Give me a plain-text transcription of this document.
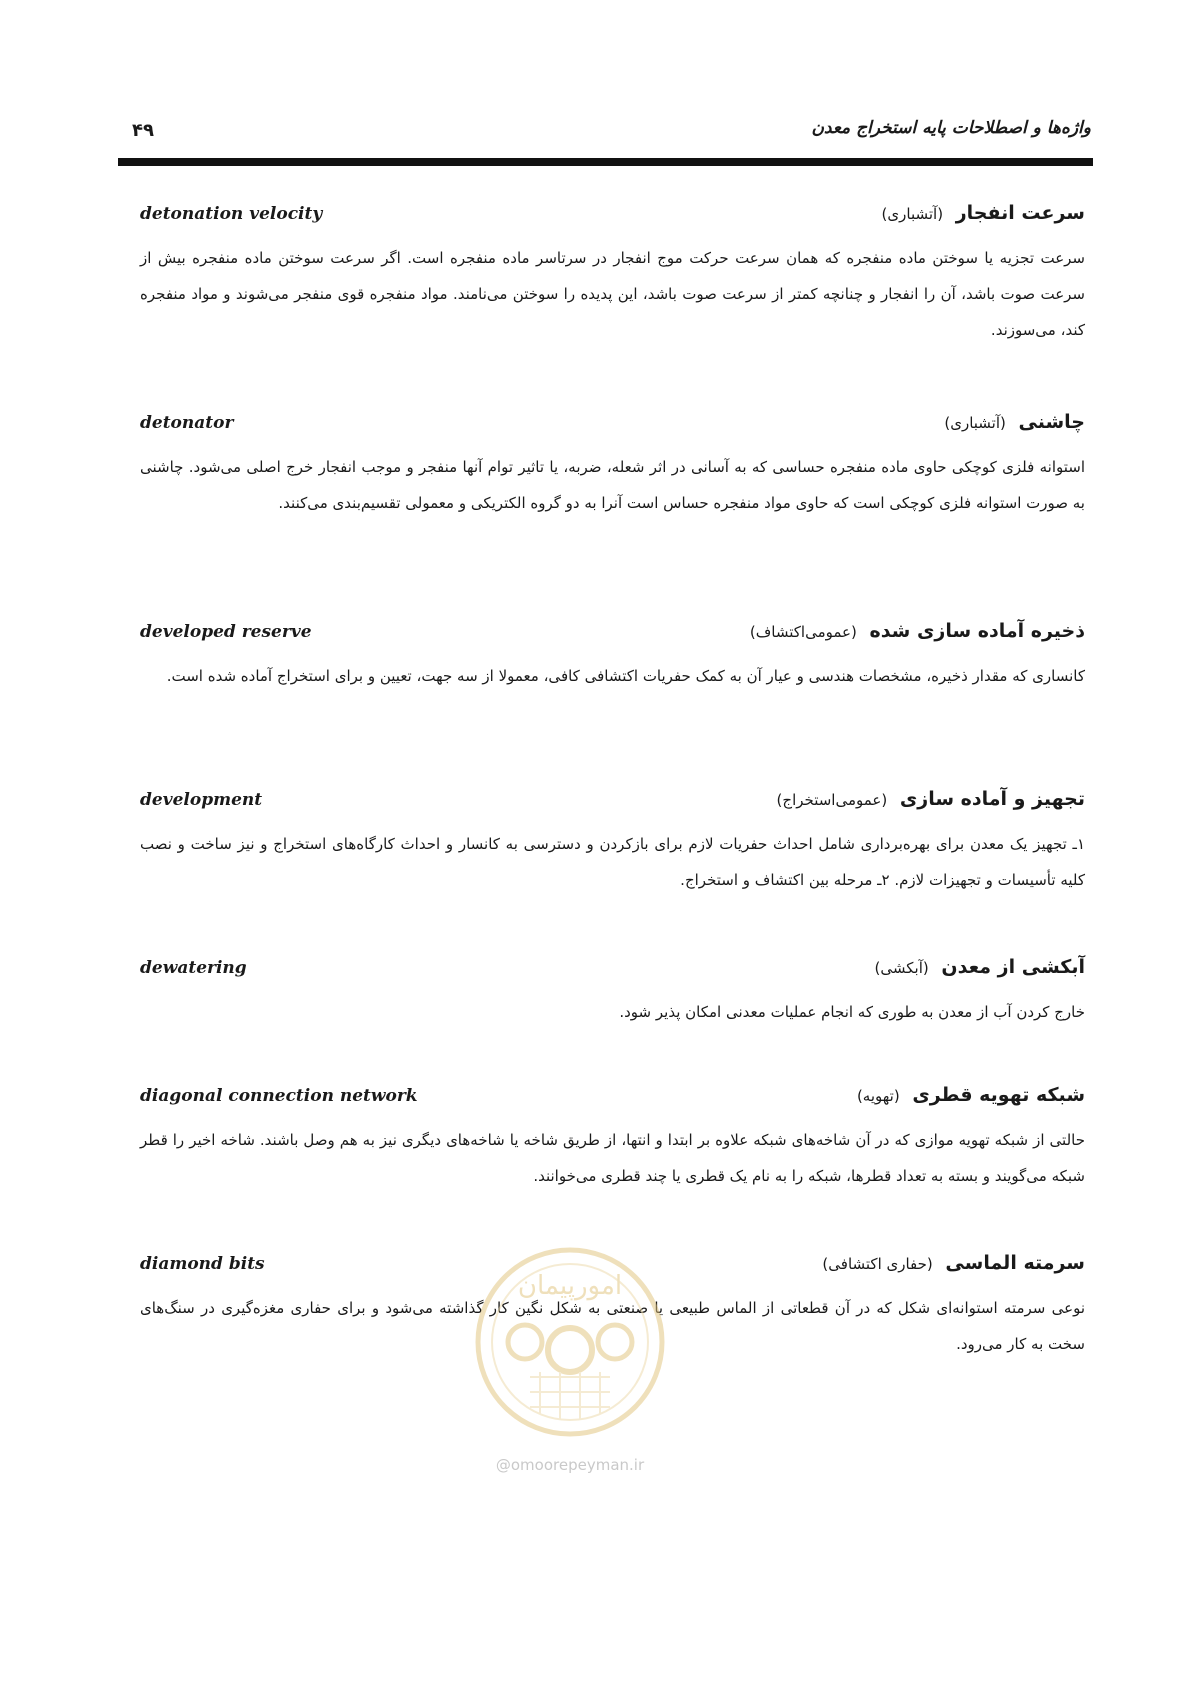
واژه‌ها و اصطلاحات پایه استخراج معدن
۴۹
سرعت انفجار (آتشباری)
detonation velocity
سرعت تجزیه یا سوختن ماده منفجره که همان سرعت حرکت موج انفجار در سرتاسر ماده منفجره است. اگر سرعت سوختن ماده منفجره بیش از سرعت صوت باشد، آن را انفجار و چنانچه کمتر از سرعت صوت باشد، این پدیده را سوختن می‌نامند. مواد منفجره قوی منفجر می‌شوند و مواد منفجره کند، می‌سوزند.
چاشنی (آتشباری)
detonator
استوانه فلزی کوچکی حاوی ماده منفجره حساسی که به آسانی در اثر شعله، ضربه، یا تاثیر توام آنها منفجر و موجب انفجار خرج اصلی می‌شود. چاشنی به صورت استوانه فلزی کوچکی است که حاوی مواد منفجره حساس است آنرا به دو گروه الکتریکی و معمولی تقسیم‌بندی می‌کنند.
ذخیره آماده سازی شده (عمومی‌اکتشاف)
developed reserve
کانساری که مقدار ذخیره، مشخصات هندسی و عیار آن به کمک حفریات اکتشافی کافی، معمولا از سه جهت، تعیین و برای استخراج آماده شده است.
تجهیز و آماده سازی (عمومی‌استخراج)
development
۱ـ تجهیز یک معدن برای بهره‌برداری شامل احداث حفریات لازم برای بازکردن و دسترسی به کانسار و احداث کارگاه‌های استخراج و نیز ساخت و نصب کلیه تأسیسات و تجهیزات لازم. ۲ـ مرحله بین اکتشاف و استخراج.
آبکشی از معدن (آبکشی)
dewatering
خارج کردن آب از معدن به طوری که انجام عملیات معدنی امکان پذیر شود.
شبکه تهویه قطری (تهویه)
diagonal connection network
حالتی از شبکه تهویه موازی که در آن شاخه‌های شبکه علاوه بر ابتدا و انتها، از طریق شاخه یا شاخه‌های دیگری نیز به هم وصل باشند. شاخه اخیر را قطر شبکه می‌گویند و بسته به تعداد قطرها، شبکه را به نام یک قطری یا چند قطری می‌خوانند.
سرمته الماسی (حفاری اکتشافی)
diamond bits
نوعی سرمته استوانه‌ای شکل که در آن قطعاتی از الماس طبیعی یا صنعتی به شکل نگین کار گذاشته می‌شود و برای حفاری مغزه‌گیری در سنگ‌های سخت به کار می‌رود.
امورپیمان
@omoorepeyman.ir
